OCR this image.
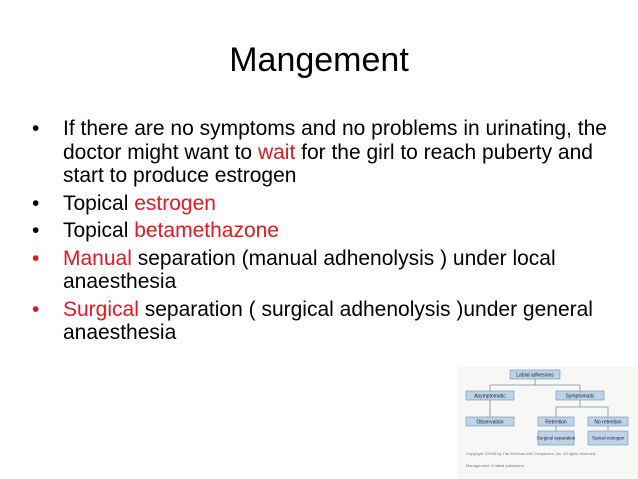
Mangement
•	If there are no symptoms and no problems in urinating, the doctor might want to wait for the girl to reach puberty and start to produce estrogen
•	Topical estrogen
•	Topical betamethazone
•	Manual separation (manual adhenolysis ) under local anaesthesia
•	Surgical separation ( surgical adhenolysis )under general anaesthesia
Labial adhesions
Asymptomatic	Symptomatic
Observation	Retention	No retention
Surgical separation	Topical estrogen
Copyright ©2006 by The McGraw-Hill Companies, Inc. All rights reserved.
Management of labial adhesions.
